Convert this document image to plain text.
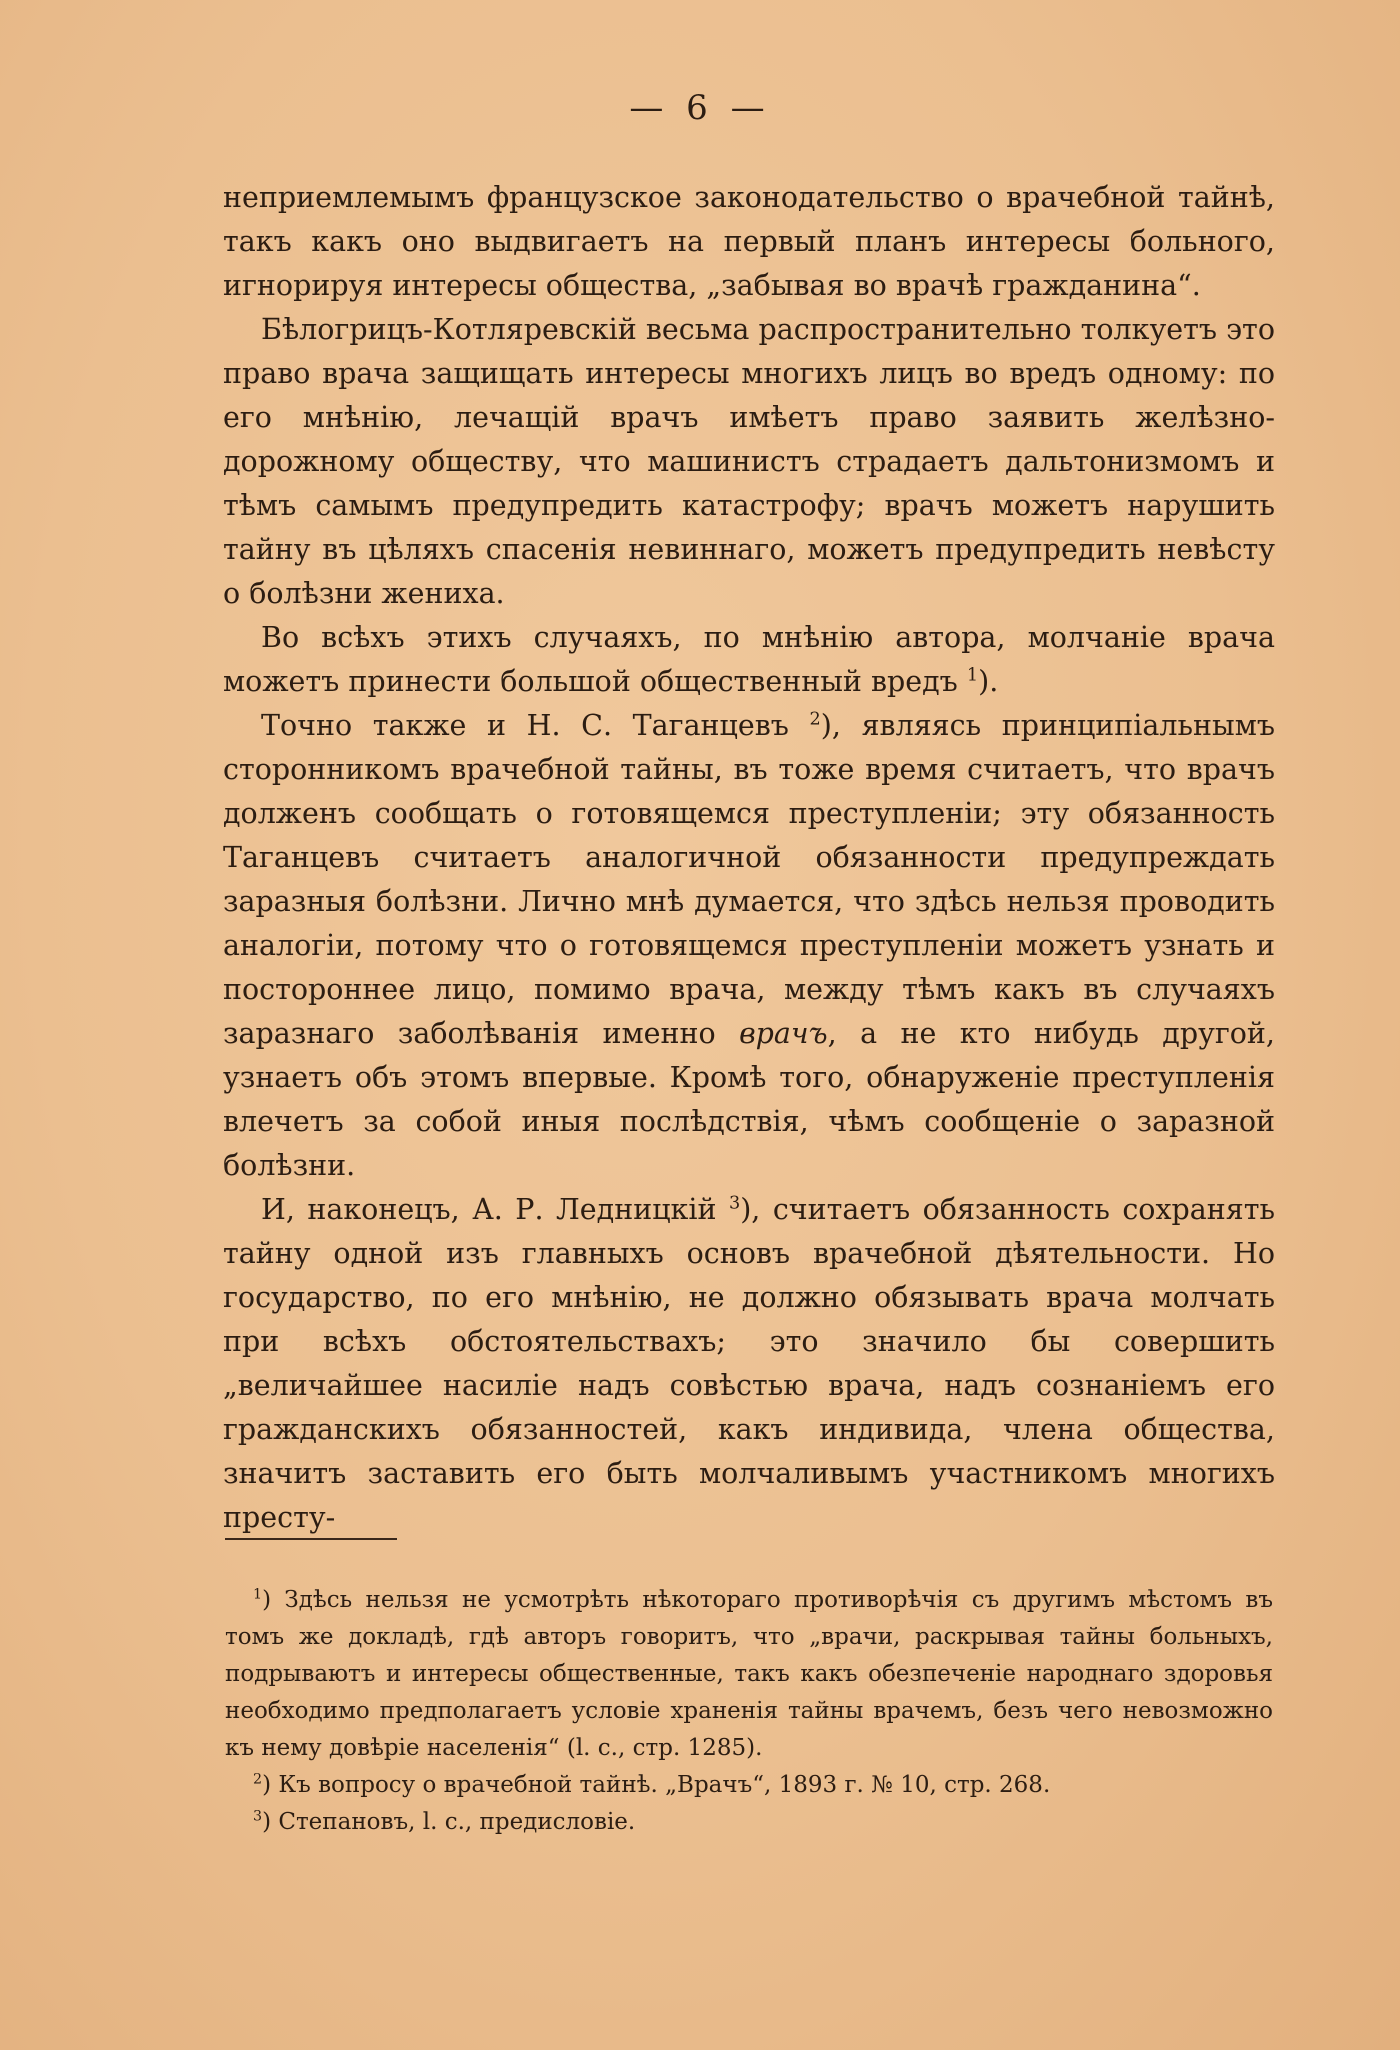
— 6 —

неприемлемымъ французское законодательство о врачебной тайнѣ, такъ какъ оно выдвигаетъ на первый планъ интересы больного, игнорируя интересы общества, „забывая во врачѣ гражданина“.

Бѣлогрицъ-Котляревскій весьма распространительно толкуетъ это право врача защищать интересы многихъ лицъ во вредъ одному: по его мнѣнію, лечащій врачъ имѣетъ право заявить желѣзно-дорожному обществу, что машинистъ страдаетъ дальтонизмомъ и тѣмъ самымъ предупредить катастрофу; врачъ можетъ нарушить тайну въ цѣляхъ спасенія невиннаго, можетъ предупредить невѣсту о болѣзни жениха.

Во всѣхъ этихъ случаяхъ, по мнѣнію автора, молчаніе врача можетъ принести большой общественный вредъ $^1$).

Точно также и Н. С. Таганцевъ $^2$), являясь принципіальнымъ сторонникомъ врачебной тайны, въ тоже время считаетъ, что врачъ долженъ сообщать о готовящемся преступленіи; эту обязанность Таганцевъ считаетъ аналогичной обязанности предупреждать заразныя болѣзни. Лично мнѣ думается, что здѣсь нельзя проводить аналогіи, потому что о готовящемся преступленіи можетъ узнать и постороннее лицо, помимо врача, между тѣмъ какъ въ случаяхъ заразнаго заболѣванія именно врачъ, а не кто нибудь другой, узнаетъ объ этомъ впервые. Кромѣ того, обнаруженіе преступленія влечетъ за собой иныя послѣдствія, чѣмъ сообщеніе о заразной болѣзни.

И, наконецъ, А. Р. Ледницкій $^3$), считаетъ обязанность сохранять тайну одной изъ главныхъ основъ врачебной дѣятельности. Но государство, по его мнѣнію, не должно обязывать врача молчать при всѣхъ обстоятельствахъ; это значило бы совершить „величайшее насиліе надъ совѣстью врача, надъ сознаніемъ его гражданскихъ обязанностей, какъ индивида, члена общества, значитъ заставить его быть молчаливымъ участникомъ многихъ престу-

$^1$) Здѣсь нельзя не усмотрѣть нѣкотораго противорѣчія съ другимъ мѣстомъ въ томъ же докладѣ, гдѣ авторъ говоритъ, что „врачи, раскрывая тайны больныхъ, подрываютъ и интересы общественные, такъ какъ обезпеченіе народнаго здоровья необходимо предполагаетъ условіе храненія тайны врачемъ, безъ чего невозможно къ нему довѣріе населенія“ (l. c., стр. 1285).

$^2$) Къ вопросу о врачебной тайнѣ. „Врачъ“, 1893 г. № 10, стр. 268.

$^3$) Степановъ, l. c., предисловіе.
